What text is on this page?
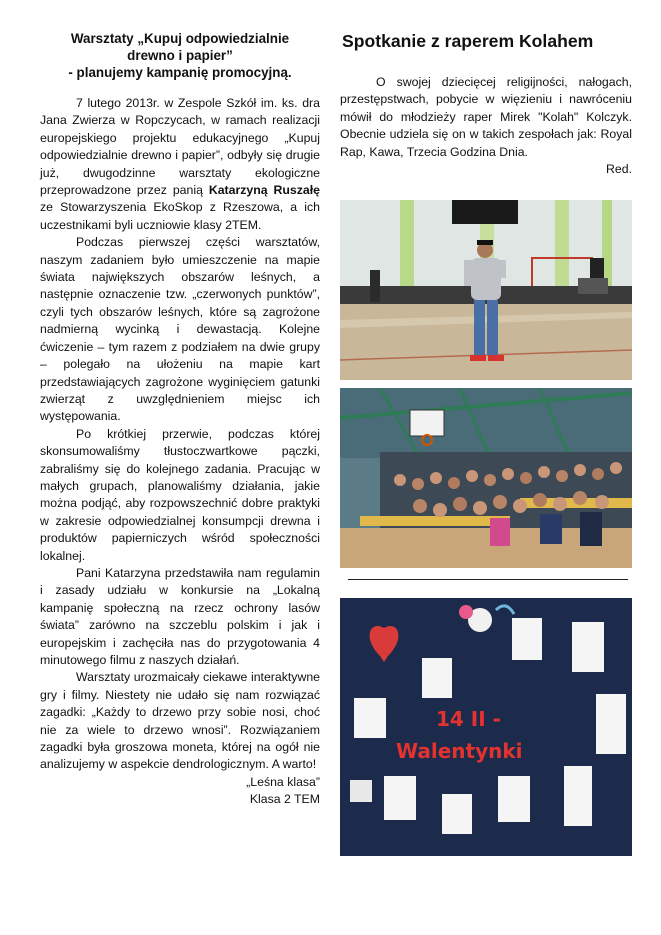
Warsztaty „Kupuj odpowiedzialnie
drewno i papier”
- planujemy kampanię promocyjną.

7 lutego 2013r. w Zespole Szkół im. ks. dra Jana Zwierza w Ropczycach, w ramach realizacji europejskiego projektu edukacyjnego „Kupuj odpowiedzialnie drewno i papier”, odbyły się drugie już, dwugodzinne warsztaty ekologiczne przeprowadzone przez panią Katarzyną Ruszałę ze Stowarzyszenia EkoSkop z Rzeszowa, a ich uczestnikami byli uczniowie klasy 2TEM.

Podczas pierwszej części warsztatów, naszym zadaniem było umieszczenie na mapie świata największych obszarów leśnych, a następnie oznaczenie tzw. „czerwonych punktów”, czyli tych obszarów leśnych, które są zagrożone nadmierną wycinką i dewastacją. Kolejne ćwiczenie – tym razem z podziałem na dwie grupy – polegało na ułożeniu na mapie kart przedstawiających zagrożone wyginięciem gatunki zwierząt z uwzględnieniem miejsc ich występowania.

Po krótkiej przerwie, podczas której skonsumowaliśmy tłustoczwartkowe pączki, zabraliśmy się do kolejnego zadania. Pracując w małych grupach, planowaliśmy działania, jakie można podjąć, aby rozpowszechnić dobre praktyki w zakresie odpowiedzialnej konsumpcji drewna i produktów papierniczych wśród społeczności lokalnej.

Pani Katarzyna przedstawiła nam regulamin i zasady udziału w konkursie na „Lokalną kampanię społeczną na rzecz ochrony lasów świata” zarówno na szczeblu polskim i jak i europejskim i zachęciła nas do przygotowania 4 minutowego filmu z naszych działań.

Warsztaty urozmaicały ciekawe interaktywne gry i filmy. Niestety nie udało się nam rozwiązać zagadki: „Każdy to drzewo przy sobie nosi, choć nie za wiele to drzewo wnosi”. Rozwiązaniem zagadki była groszowa moneta, której na ogół nie analizujemy w aspekcie dendrologicznym. A warto!

„Leśna klasa”

Klasa 2 TEM

Spotkanie z raperem Kolahem

O swojej dziecięcej religijności, nałogach, przestępstwach, pobycie w więzieniu i nawróceniu mówił do młodzieży raper Mirek "Kolah" Kolczyk. Obecnie udziela się on w takich zespołach jak: Royal Rap, Kawa, Trzecia Godzina Dnia.

Red.

14 II -
Walentynki
